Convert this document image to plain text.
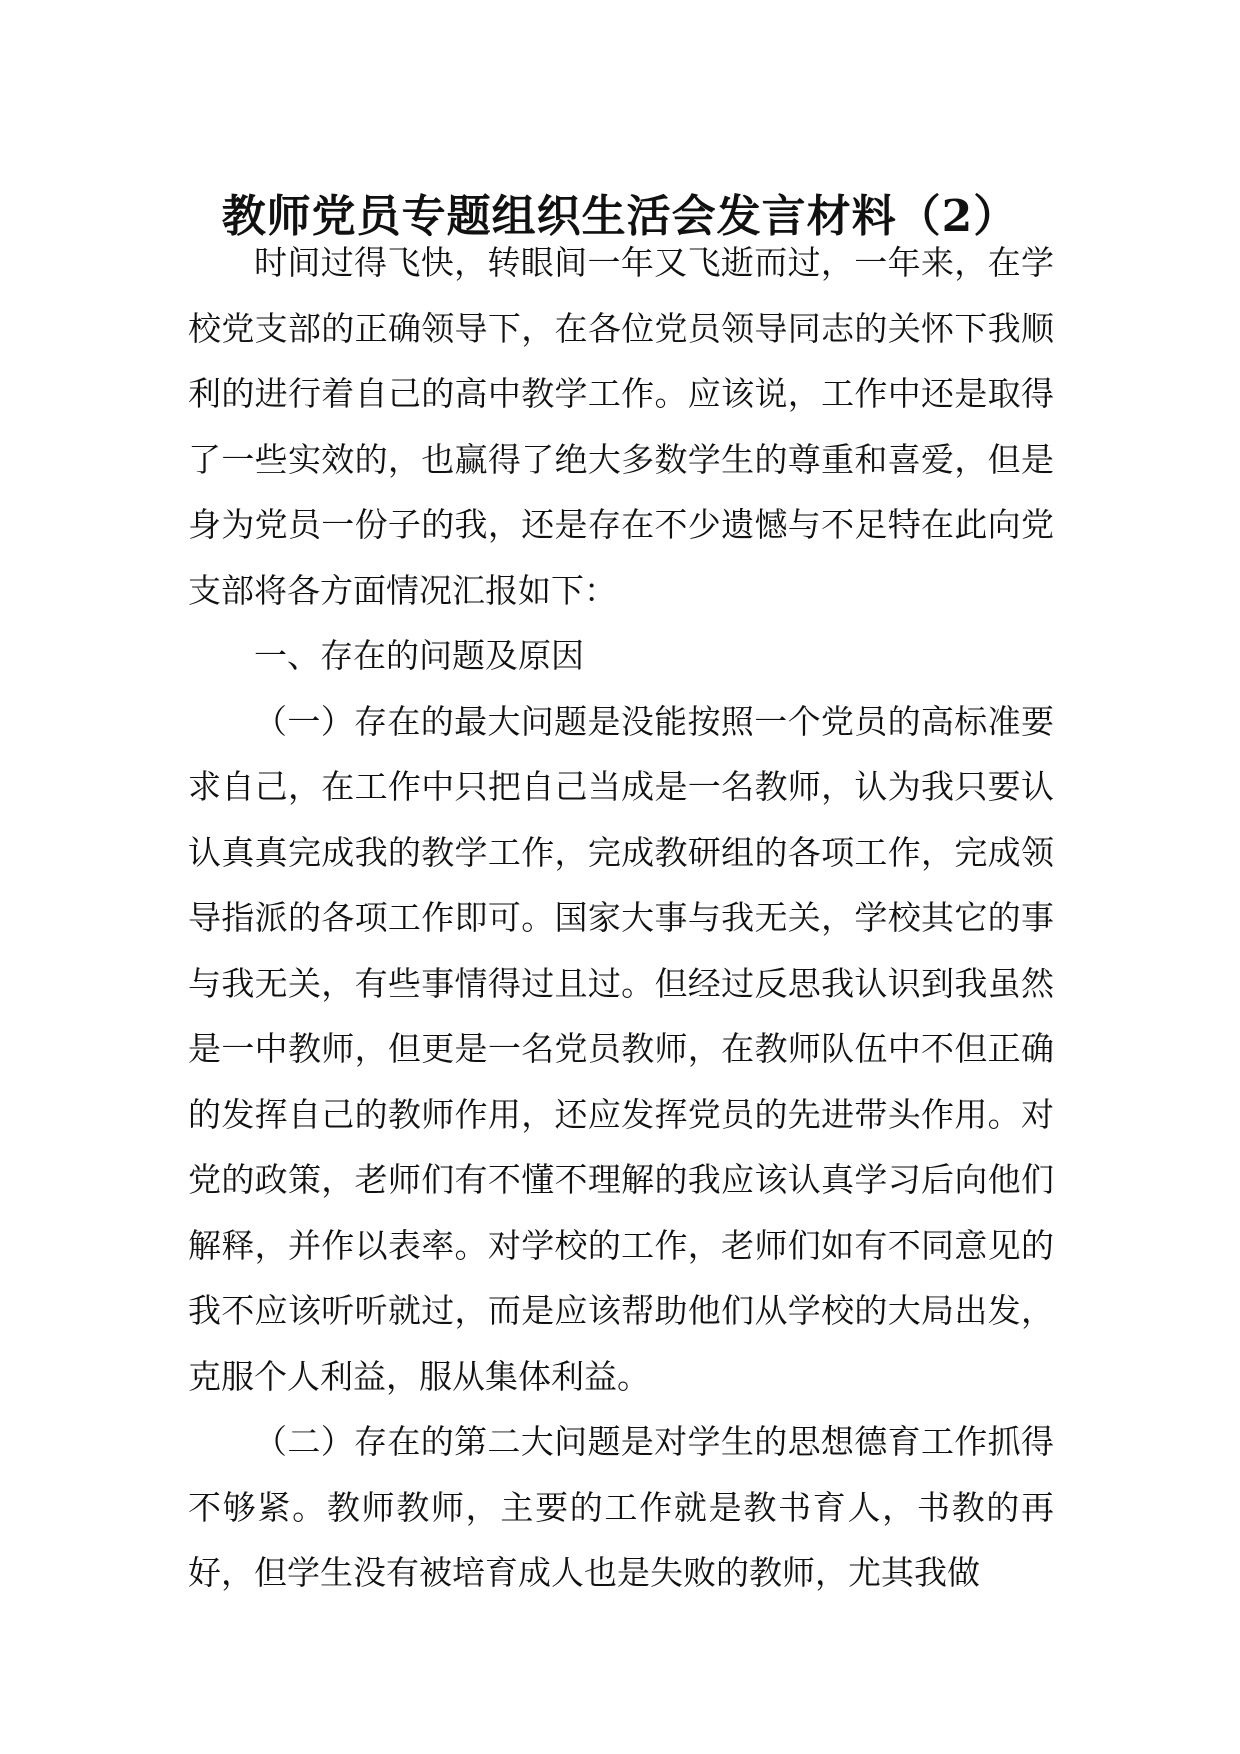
教师党员专题组织生活会发言材料（2）

时间过得飞快，转眼间一年又飞逝而过，一年来，在学校党支部的正确领导下，在各位党员领导同志的关怀下我顺利的进行着自己的高中教学工作。应该说，工作中还是取得了一些实效的，也赢得了绝大多数学生的尊重和喜爱，但是身为党员一份子的我，还是存在不少遗憾与不足特在此向党支部将各方面情况汇报如下：

一、存在的问题及原因

（一）存在的最大问题是没能按照一个党员的高标准要求自己，在工作中只把自己当成是一名教师，认为我只要认认真真完成我的教学工作，完成教研组的各项工作，完成领导指派的各项工作即可。国家大事与我无关，学校其它的事与我无关，有些事情得过且过。但经过反思我认识到我虽然是一中教师，但更是一名党员教师，在教师队伍中不但正确的发挥自己的教师作用，还应发挥党员的先进带头作用。对党的政策，老师们有不懂不理解的我应该认真学习后向他们解释，并作以表率。对学校的工作，老师们如有不同意见的我不应该听听就过，而是应该帮助他们从学校的大局出发，克服个人利益，服从集体利益。

（二）存在的第二大问题是对学生的思想德育工作抓得不够紧。教师教师，主要的工作就是教书育人，书教的再好，但学生没有被培育成人也是失败的教师，尤其我做
